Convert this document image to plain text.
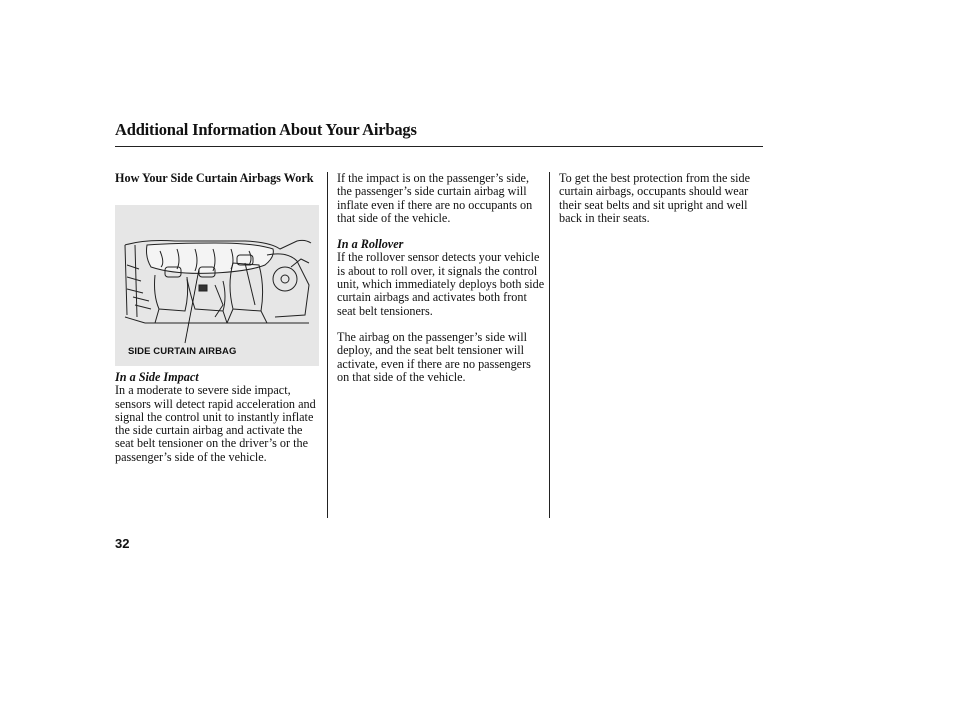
Additional Information About Your Airbags

How Your Side Curtain Airbags Work

SIDE CURTAIN AIRBAG

In a Side Impact

In a moderate to severe side impact, sensors will detect rapid acceleration and signal the control unit to instantly inflate the side curtain airbag and activate the seat belt tensioner on the driver’s or the passenger’s side of the vehicle.

If the impact is on the passenger’s side, the passenger’s side curtain airbag will inflate even if there are no occupants on that side of the vehicle.

In a Rollover

If the rollover sensor detects your vehicle is about to roll over, it signals the control unit, which immediately deploys both side curtain airbags and activates both front seat belt tensioners.

The airbag on the passenger’s side will deploy, and the seat belt tensioner will activate, even if there are no passengers on that side of the vehicle.

To get the best protection from the side curtain airbags, occupants should wear their seat belts and sit upright and well back in their seats.

32
